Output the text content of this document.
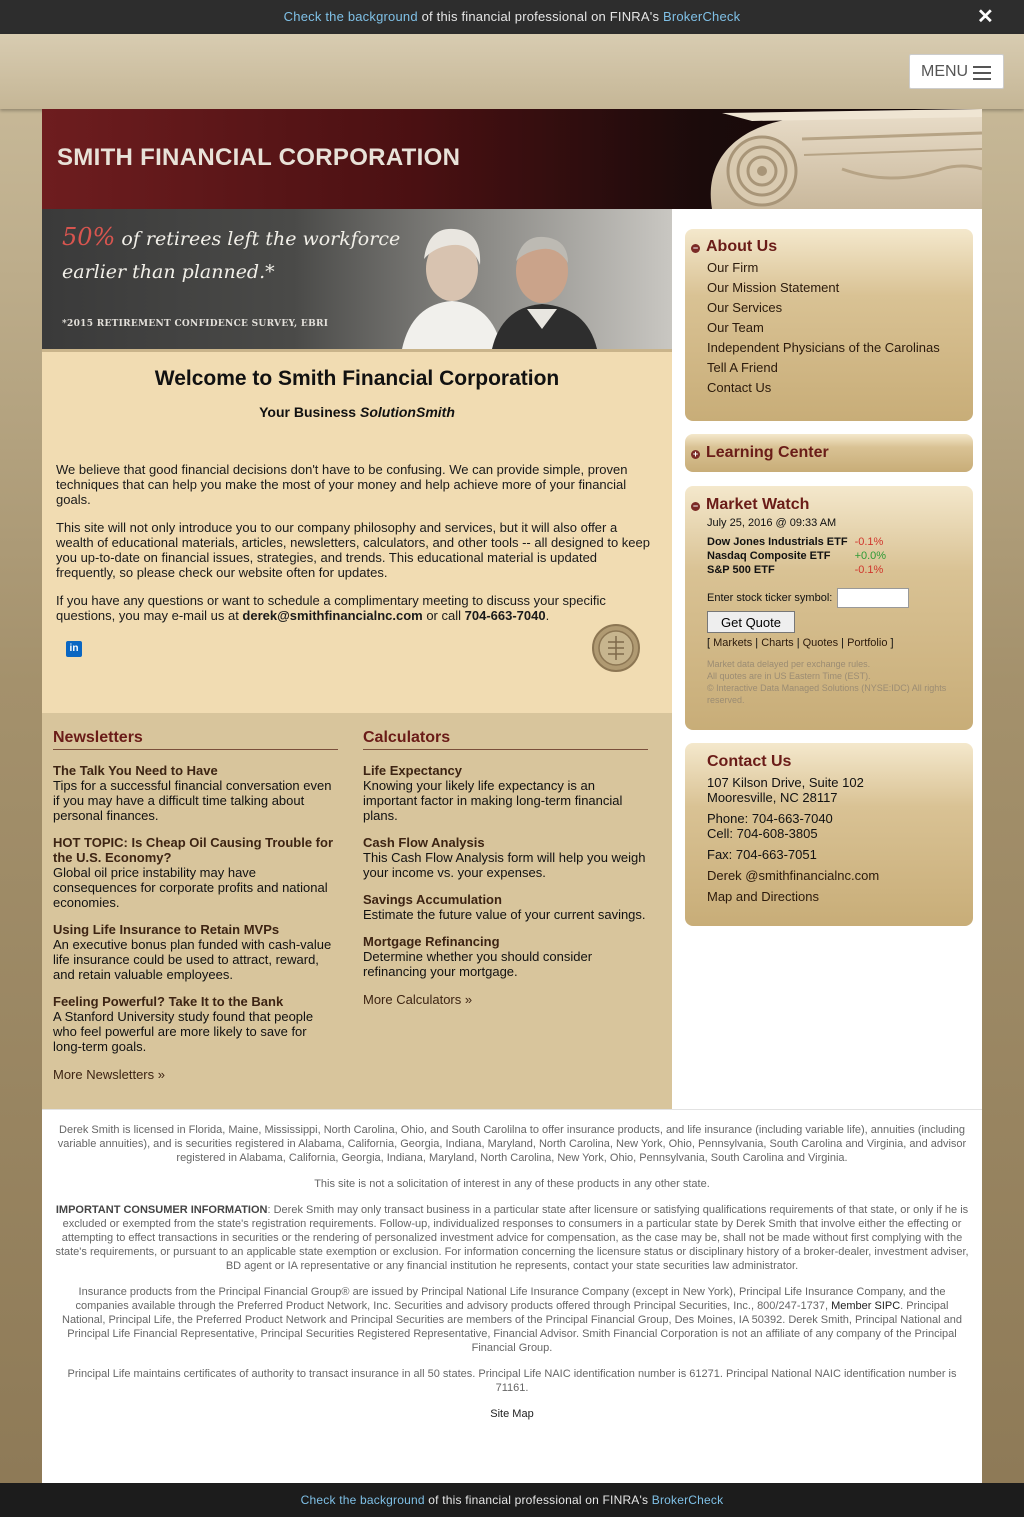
Check the background of this financial professional on FINRA's BrokerCheck	✕
MENU
SMITH FINANCIAL CORPORATION
50% of retirees left the workforce
earlier than planned.*
*2015 RETIREMENT CONFIDENCE SURVEY, EBRI
Welcome to Smith Financial Corporation
Your Business SolutionSmith

We believe that good financial decisions don't have to be confusing. We can provide simple, proven techniques that can help you make the most of your money and help achieve more of your financial goals.

This site will not only introduce you to our company philosophy and services, but it will also offer a wealth of educational materials, articles, newsletters, calculators, and other tools -- all designed to keep you up-to-date on financial issues, strategies, and trends. This educational material is updated frequently, so please check our website often for updates.

If you have any questions or want to schedule a complimentary meeting to discuss your specific questions, you may e-mail us at derek@smithfinancialnc.com or call 704-663-7040.

in
Newsletters
The Talk You Need to Have
Tips for a successful financial conversation even if you may have a difficult time talking about personal finances.
HOT TOPIC: Is Cheap Oil Causing Trouble for the U.S. Economy?
Global oil price instability may have consequences for corporate profits and national economies.
Using Life Insurance to Retain MVPs
An executive bonus plan funded with cash-value life insurance could be used to attract, reward, and retain valuable employees.
Feeling Powerful? Take It to the Bank
A Stanford University study found that people who feel powerful are more likely to save for long-term goals.
More Newsletters »
Calculators
Life Expectancy
Knowing your likely life expectancy is an important factor in making long-term financial plans.
Cash Flow Analysis
This Cash Flow Analysis form will help you weigh your income vs. your expenses.
Savings Accumulation
Estimate the future value of your current savings.
Mortgage Refinancing
Determine whether you should consider refinancing your mortgage.
More Calculators »
− About Us
Our Firm
Our Mission Statement
Our Services
Our Team
Independent Physicians of the Carolinas
Tell A Friend
Contact Us
+ Learning Center
− Market Watch
July 25, 2016 @ 09:33 AM
Dow Jones Industrials ETF	-0.1%
Nasdaq Composite ETF	+0.0%
S&P 500 ETF	-0.1%
Enter stock ticker symbol:
Get Quote
[ Markets | Charts | Quotes | Portfolio ]
Market data delayed per exchange rules.
All quotes are in US Eastern Time (EST).
© Interactive Data Managed Solutions (NYSE:IDC) All rights reserved.
Contact Us
107 Kilson Drive, Suite 102
Mooresville, NC 28117
Phone: 704-663-7040
Cell: 704-608-3805
Fax: 704-663-7051
Derek @smithfinancialnc.com
Map and Directions

Derek Smith is licensed in Florida, Maine, Mississippi, North Carolina, Ohio, and South Carolilna to offer insurance products, and life insurance (including variable life), annuities (including variable annuities), and is securities registered in Alabama, California, Georgia, Indiana, Maryland, North Carolina, New York, Ohio, Pennsylvania, South Carolina and Virginia, and advisor registered in Alabama, California, Georgia, Indiana, Maryland, North Carolina, New York, Ohio, Pennsylvania, South Carolina and Virginia.

This site is not a solicitation of interest in any of these products in any other state.

IMPORTANT CONSUMER INFORMATION: Derek Smith may only transact business in a particular state after licensure or satisfying qualifications requirements of that state, or only if he is excluded or exempted from the state's registration requirements. Follow-up, individualized responses to consumers in a particular state by Derek Smith that involve either the effecting or attempting to effect transactions in securities or the rendering of personalized investment advice for compensation, as the case may be, shall not be made without first complying with the state's requirements, or pursuant to an applicable state exemption or exclusion. For information concerning the licensure status or disciplinary history of a broker-dealer, investment adviser, BD agent or IA representative or any financial institution he represents, contact your state securities law administrator.

Insurance products from the Principal Financial Group® are issued by Principal National Life Insurance Company (except in New York), Principal Life Insurance Company, and the companies available through the Preferred Product Network, Inc. Securities and advisory products offered through Principal Securities, Inc., 800/247-1737, Member SIPC. Principal National, Principal Life, the Preferred Product Network and Principal Securities are members of the Principal Financial Group, Des Moines, IA 50392. Derek Smith, Principal National and Principal Life Financial Representative, Principal Securities Registered Representative, Financial Advisor. Smith Financial Corporation is not an affiliate of any company of the Principal Financial Group.

Principal Life maintains certificates of authority to transact insurance in all 50 states. Principal Life NAIC identification number is 61271. Principal National NAIC identification number is 71161.

Site Map
Check the background of this financial professional on FINRA's BrokerCheck
